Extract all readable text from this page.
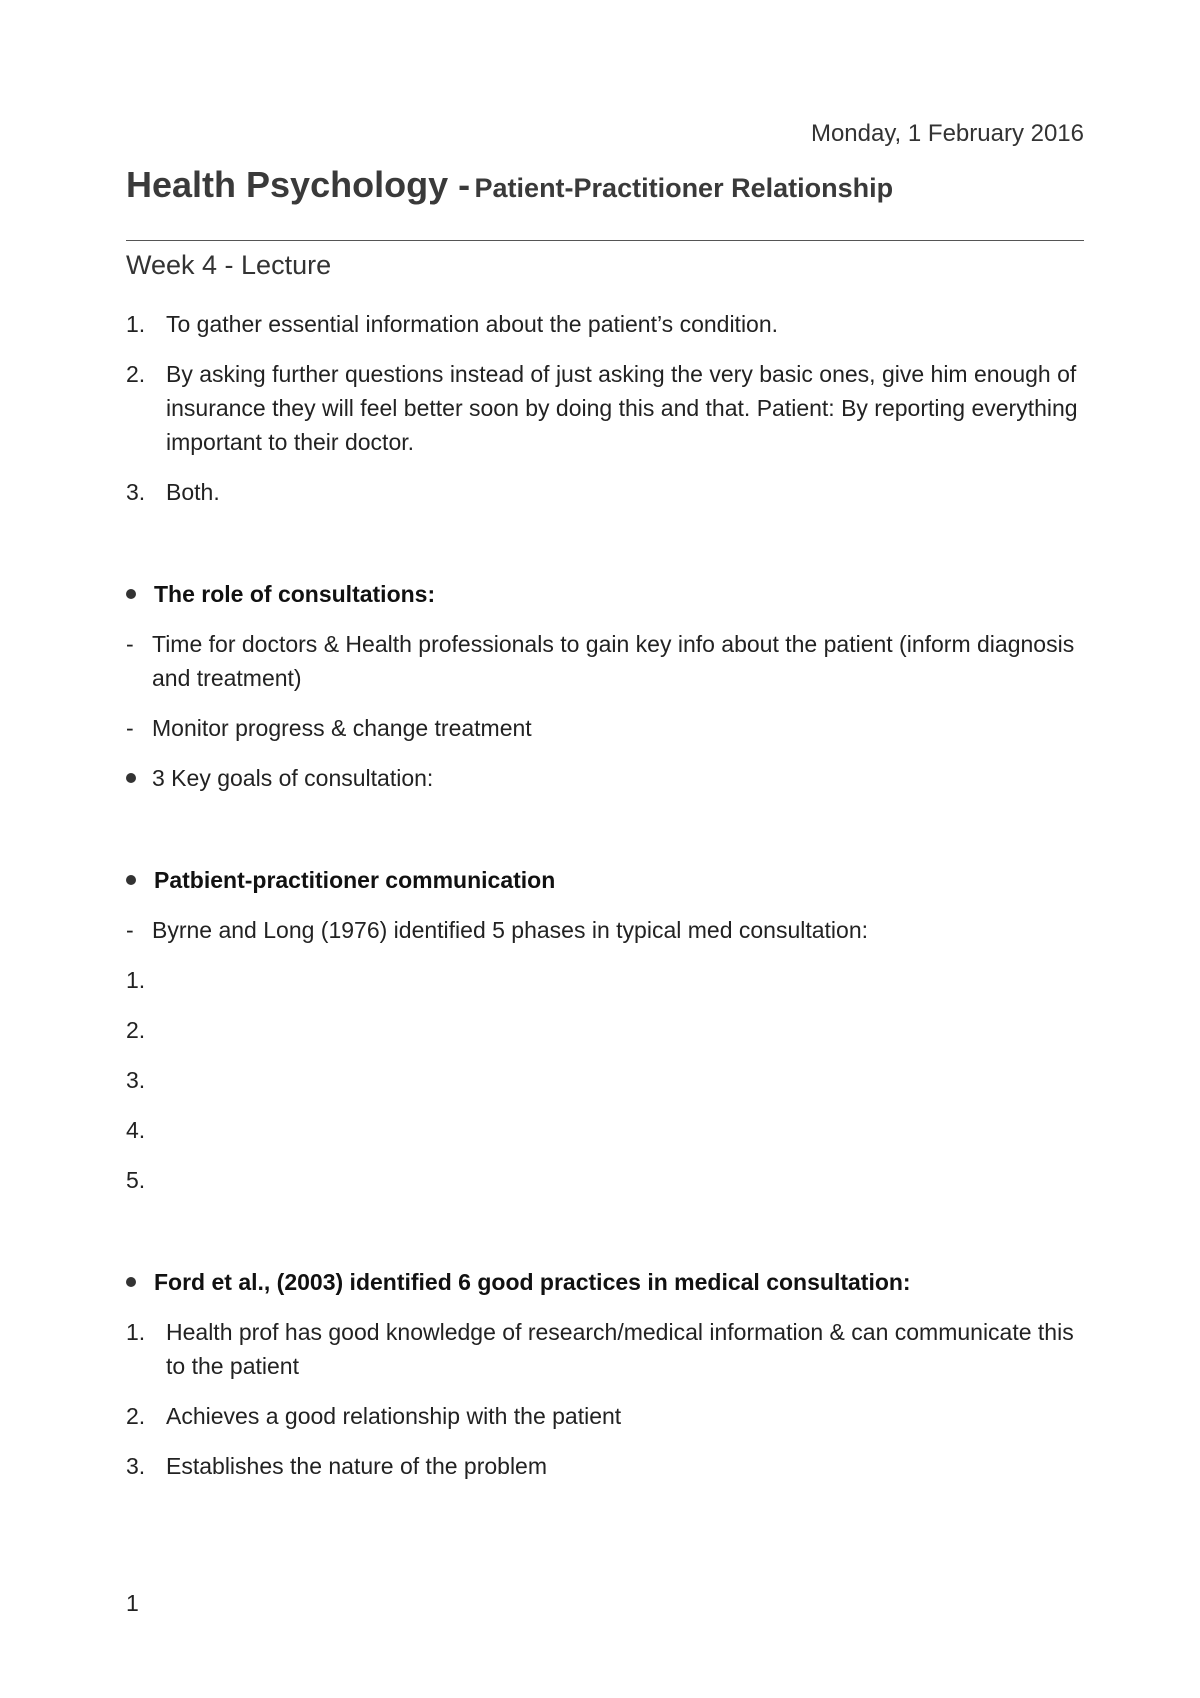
Monday, 1 February 2016
Health Psychology - Patient-Practitioner Relationship
Week 4 - Lecture
1. To gather essential information about the patient’s condition.
2. By asking further questions instead of just asking the very basic ones, give him enough of insurance they will feel better soon by doing this and that. Patient: By reporting everything important to their doctor.
3. Both.
The role of consultations:
- Time for doctors & Health professionals to gain key info about the patient (inform diagnosis and treatment)
- Monitor progress & change treatment
3 Key goals of consultation:
Patbient-practitioner communication
- Byrne and Long (1976) identified 5 phases in typical med consultation:
1.
2.
3.
4.
5.
Ford et al., (2003) identified 6 good practices in medical consultation:
1. Health prof has good knowledge of research/medical information & can communicate this to the patient
2. Achieves a good relationship with the patient
3. Establishes the nature of the problem
1
